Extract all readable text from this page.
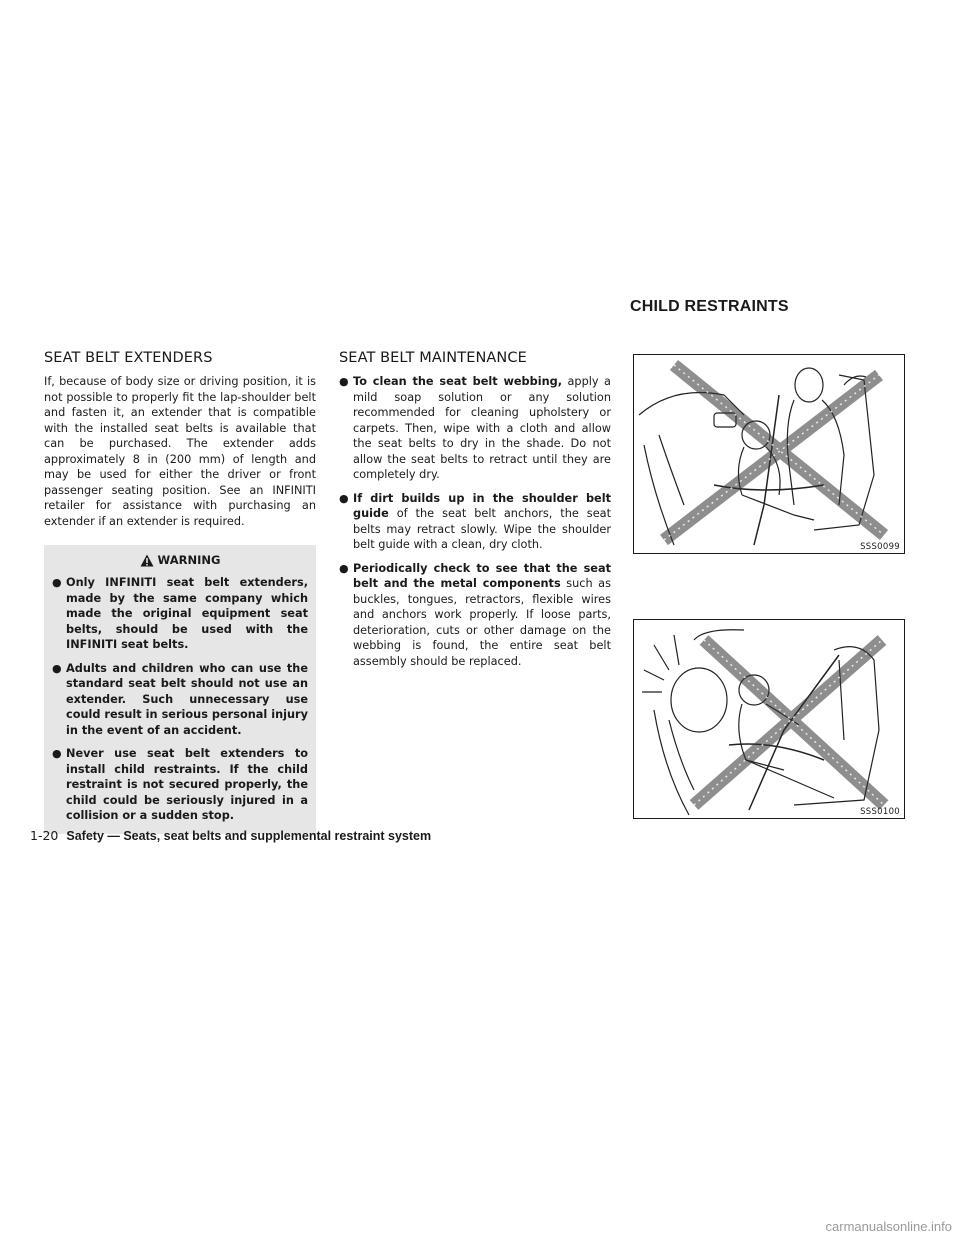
CHILD RESTRAINTS
SEAT BELT EXTENDERS

If, because of body size or driving position, it is not possible to properly fit the lap-shoulder belt and fasten it, an extender that is compatible with the installed seat belts is available that can be purchased. The extender adds approximately 8 in (200 mm) of length and may be used for either the driver or front passenger seating position. See an INFINITI retailer for assistance with purchasing an extender if an extender is required.

WARNING
● Only INFINITI seat belt extenders, made by the same company which made the original equipment seat belts, should be used with the INFINITI seat belts.
● Adults and children who can use the standard seat belt should not use an extender. Such unnecessary use could result in serious personal injury in the event of an accident.
● Never use seat belt extenders to install child restraints. If the child restraint is not secured properly, the child could be seriously injured in a collision or a sudden stop.
SEAT BELT MAINTENANCE
● To clean the seat belt webbing, apply a mild soap solution or any solution recommended for cleaning upholstery or carpets. Then, wipe with a cloth and allow the seat belts to dry in the shade. Do not allow the seat belts to retract until they are completely dry.
● If dirt builds up in the shoulder belt guide of the seat belt anchors, the seat belts may retract slowly. Wipe the shoulder belt guide with a clean, dry cloth.
● Periodically check to see that the seat belt and the metal components such as buckles, tongues, retractors, flexible wires and anchors work properly. If loose parts, deterioration, cuts or other damage on the webbing is found, the entire seat belt assembly should be replaced.
SSS0099
SSS0100
1-20 Safety — Seats, seat belts and supplemental restraint system
carmanualsonline.info
